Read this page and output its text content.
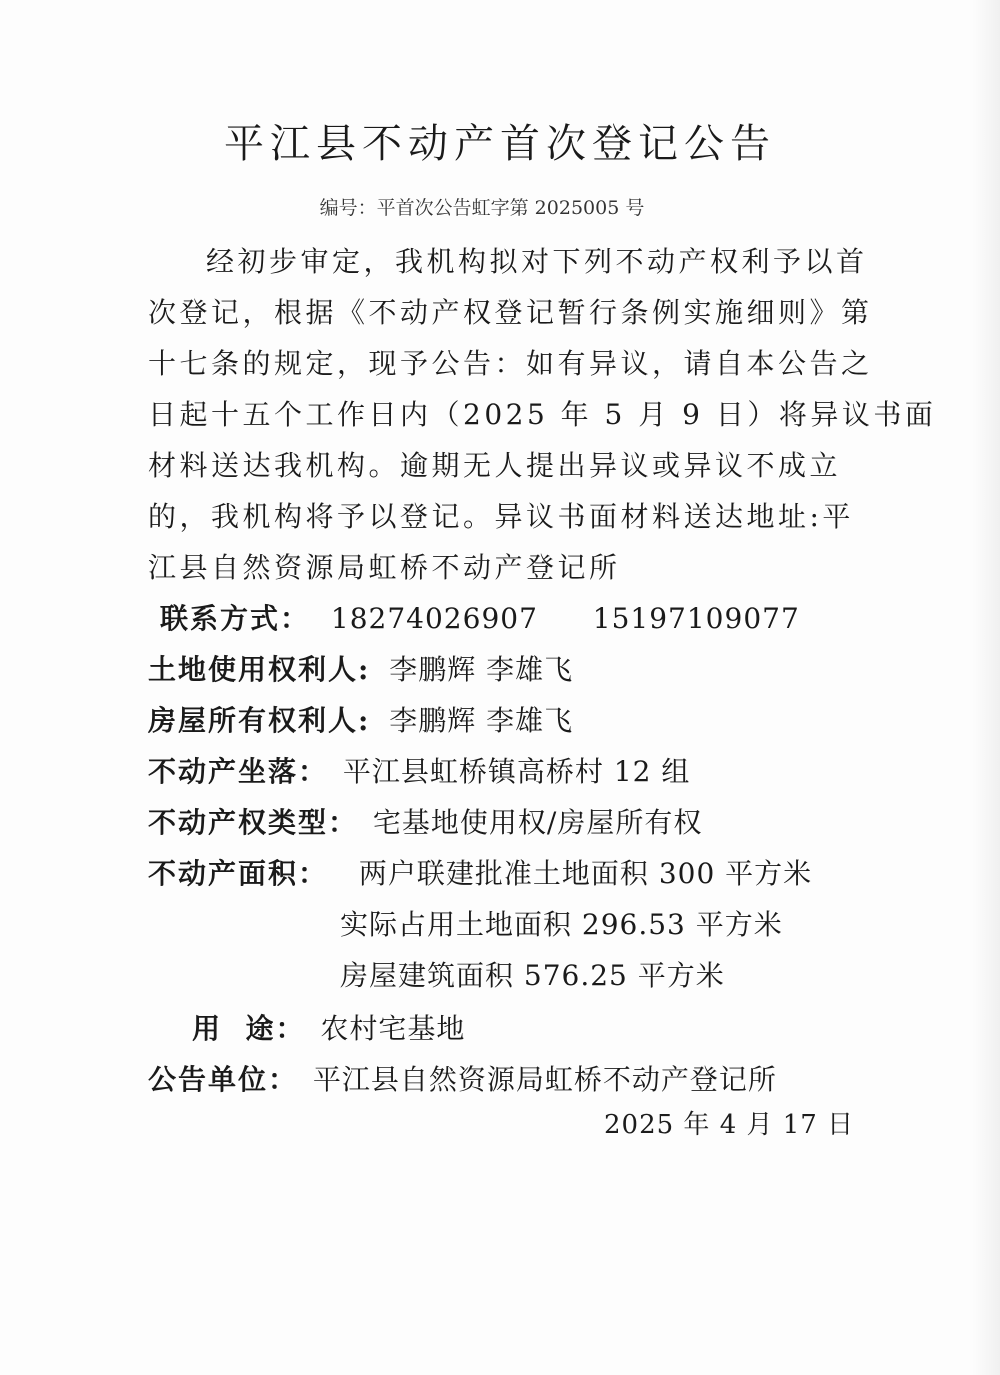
平江县不动产首次登记公告
编号：平首次公告虹字第 2025005 号
经初步审定，我机构拟对下列不动产权利予以首
次登记，根据《不动产权登记暂行条例实施细则》第
十七条的规定，现予公告：如有异议，请自本公告之
日起十五个工作日内（2025 年 5 月 9 日）将异议书面
材料送达我机构。逾期无人提出异议或异议不成立
的，我机构将予以登记。异议书面材料送达地址:平
江县自然资源局虹桥不动产登记所
联系方式： 18274026907 15197109077
土地使用权利人: 李鹏辉 李雄飞
房屋所有权利人: 李鹏辉 李雄飞
不动产坐落： 平江县虹桥镇高桥村 12 组
不动产权类型： 宅基地使用权/房屋所有权
不动产面积： 两户联建批准土地面积 300 平方米
实际占用土地面积 296.53 平方米
房屋建筑面积 576.25 平方米
用  途： 农村宅基地
公告单位： 平江县自然资源局虹桥不动产登记所
2025 年 4 月 17 日
